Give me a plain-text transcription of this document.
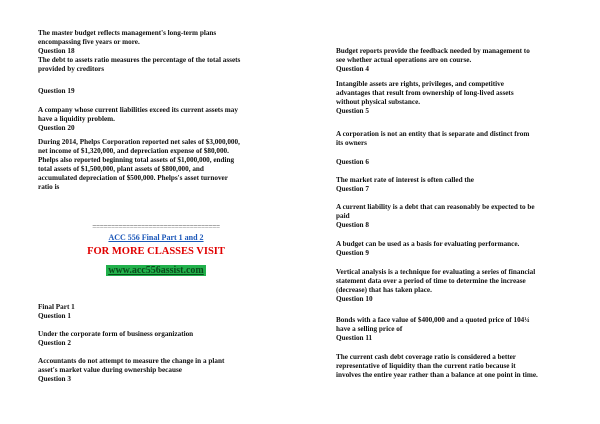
==================================
ACC 556 Final Part 1 and 2
FOR MORE CLASSES VISIT
www.acc556assist.com
The master budget reflects management's long-term plans
encompassing five years or more.
Question 18
The debt to assets ratio measures the percentage of the total assets
provided by creditors
Question 19
A company whose current liabilities exceed its current assets may
have a liquidity problem.
Question 20
During 2014, Phelps Corporation reported net sales of $3,000,000,
net income of $1,320,000, and depreciation expense of $80,000.
Phelps also reported beginning total assets of $1,000,000, ending
total assets of $1,500,000, plant assets of $800,000, and
accumulated depreciation of $500,000. Phelps's asset turnover
ratio is
Final Part 1
Question 1
Under the corporate form of business organization
Question 2
Accountants do not attempt to measure the change in a plant
asset's market value during ownership because
Question 3
Budget reports provide the feedback needed by management to
see whether actual operations are on course.
Question 4
Intangible assets are rights, privileges, and competitive
advantages that result from ownership of long-lived assets
without physical substance.
Question 5
A corporation is not an entity that is separate and distinct from
its owners
Question 6
The market rate of interest is often called the
Question 7
A current liability is a debt that can reasonably be expected to be
paid
Question 8
A budget can be used as a basis for evaluating performance.
Question 9
Vertical analysis is a technique for evaluating a series of financial
statement data over a period of time to determine the increase
(decrease) that has taken place.
Question 10
Bonds with a face value of $400,000 and a quoted price of 104¼
have a selling price of
Question 11
The current cash debt coverage ratio is considered a better
representative of liquidity than the current ratio because it
involves the entire year rather than a balance at one point in time.
